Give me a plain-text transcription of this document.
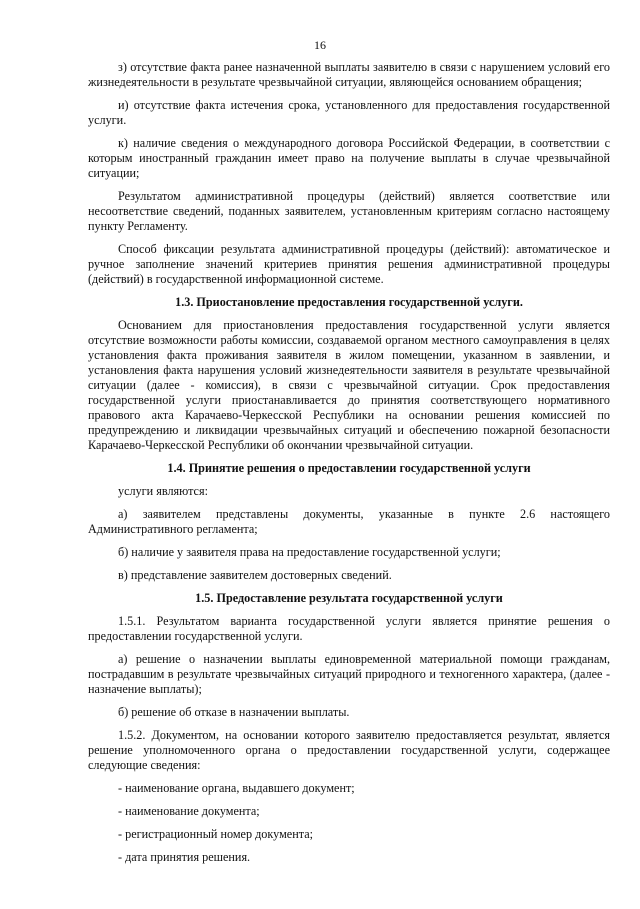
16

з) отсутствие факта ранее назначенной выплаты заявителю в связи с нарушением условий его жизнедеятельности в результате чрезвычайной ситуации, являющейся основанием обращения;

и) отсутствие факта истечения срока, установленного для предоставления государственной услуги.

к) наличие сведения о международного договора Российской Федерации, в соответствии с которым иностранный гражданин имеет право на получение выплаты в случае чрезвычайной ситуации;

Результатом административной процедуры (действий) является соответствие или несоответствие сведений, поданных заявителем, установленным критериям согласно настоящему пункту Регламенту.

Способ фиксации результата административной процедуры (действий): автоматическое и ручное заполнение значений критериев принятия решения административной процедуры (действий) в государственной информационной системе.

1.3. Приостановление предоставления государственной услуги.

Основанием для приостановления предоставления государственной услуги является отсутствие возможности работы комиссии, создаваемой органом местного самоуправления в целях установления факта проживания заявителя в жилом помещении, указанном в заявлении, и установления факта нарушения условий жизнедеятельности заявителя в результате чрезвычайной ситуации (далее - комиссия), в связи с чрезвычайной ситуации. Срок предоставления государственной услуги приостанавливается до принятия соответствующего нормативного правового акта Карачаево-Черкесской Республики на основании решения комиссией по предупреждению и ликвидации чрезвычайных ситуаций и обеспечению пожарной безопасности Карачаево-Черкесской Республики об окончании чрезвычайной ситуации.

1.4. Принятие решения о предоставлении государственной услуги

услуги являются:

а) заявителем представлены документы, указанные в пункте 2.6 настоящего Административного регламента;

б) наличие у заявителя права на предоставление государственной услуги;

в) представление заявителем достоверных сведений.

1.5. Предоставление результата государственной услуги

1.5.1. Результатом варианта государственной услуги является принятие решения о предоставлении государственной услуги.

а) решение о назначении выплаты единовременной материальной помощи гражданам, пострадавшим в результате чрезвычайных ситуаций природного и техногенного характера, (далее - назначение выплаты);

б) решение об отказе в назначении выплаты.

1.5.2. Документом, на основании которого заявителю предоставляется результат, является решение уполномоченного органа о предоставлении государственной услуги, содержащее следующие сведения:

- наименование органа, выдавшего документ;

- наименование документа;

- регистрационный номер документа;

- дата принятия решения.
